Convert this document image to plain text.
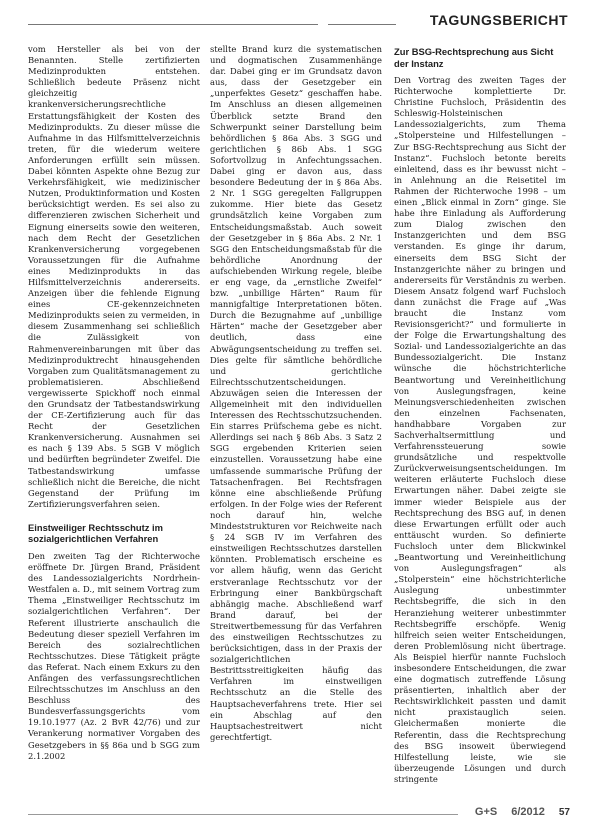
TAGUNGSBERICHT

vom Hersteller als bei von der Benannten. Stelle zertifizierten Medizinprodukten entstehen. Schließlich bedeute Präsenz nicht gleichzeitig krankenversicherungsrechtliche Erstattungsfähigkeit der Kosten des Medizinprodukts. Zu dieser müsse die Aufnahme in das Hilfsmittelverzeichnis treten, für die wiederum weitere Anforderungen erfüllt sein müssen. Dabei könnten Aspekte ohne Bezug zur Verkehrsfähigkeit, wie medizinischer Nutzen, Produktinformation und Kosten berücksichtigt werden. Es sei also zu differenzieren zwischen Sicherheit und Eignung einerseits sowie den weiteren, nach dem Recht der Gesetzlichen Krankenversicherung vorgegebenen Voraussetzungen für die Aufnahme eines Medizinprodukts in das Hilfsmittelverzeichnis andererseits. Anzeigen über die fehlende Eignung eines CE-gekennzeichneten Medizinprodukts seien zu vermeiden, in diesem Zusammenhang sei schließlich die Zulässigkeit von Rahmenvereinbarungen mit über das Medizinproduktrecht hinausgehenden Vorgaben zum Qualitätsmanagement zu problematisieren. Abschließend vergewisserte Spickhoff noch einmal den Grundsatz der Tatbestandswirkung der CE-Zertifizierung auch für das Recht der Gesetzlichen Krankenversicherung. Ausnahmen sei es nach § 139 Abs. 5 SGB V möglich und bedürften begründeter Zweifel. Die Tatbestandswirkung umfasse schließlich nicht die Bereiche, die nicht Gegenstand der Prüfung im Zertifizierungsverfahren seien.

Einstweiliger Rechtsschutz im sozialgerichtlichen Verfahren

Den zweiten Tag der Richterwoche eröffnete Dr. Jürgen Brand, Präsident des Landessozialgerichts Nordrhein-Westfalen a. D., mit seinem Vortrag zum Thema „Einstweiliger Rechtsschutz im sozialgerichtlichen Verfahren“. Der Referent illustrierte anschaulich die Bedeutung dieser speziell Verfahren im Bereich des sozialrechtlichen Rechtsschutzes. Diese Tätigkeit prägte das Referat. Nach einem Exkurs zu den Anfängen des verfassungsrechtlichen Eilrechtsschutzes im Anschluss an den Beschluss des Bundesverfassungsgerichts vom 19.10.1977 (Az. 2 BvR 42/76) und zur Verankerung normativer Vorgaben des Gesetzgebers in §§ 86a und b SGG zum 2.1.2002

stellte Brand kurz die systematischen und dogmatischen Zusammenhänge dar. Dabei ging er im Grundsatz davon aus, dass der Gesetzgeber ein „unperfektes Gesetz“ geschaffen habe. Im Anschluss an diesen allgemeinen Überblick setzte Brand den Schwerpunkt seiner Darstellung beim behördlichen § 86a Abs. 3 SGG und gerichtlichen § 86b Abs. 1 SGG Sofortvollzug in Anfechtungssachen. Dabei ging er davon aus, dass besondere Bedeutung der in § 86a Abs. 2 Nr. 1 SGG geregelten Fallgruppen zukomme. Hier biete das Gesetz grundsätzlich keine Vorgaben zum Entscheidungsmaßstab. Auch soweit der Gesetzgeber in § 86a Abs. 2 Nr. 1 SGG den Entscheidungsmaßstab für die behördliche Anordnung der aufschiebenden Wirkung regele, bleibe er eng vage, da „ernstliche Zweifel“ bzw. „unbillige Härten“ Raum für mannigfaltige Interpretationen böten. Durch die Bezugnahme auf „unbillige Härten“ mache der Gesetzgeber aber deutlich, dass eine Abwägungsentscheidung zu treffen sei. Dies gelte für sämtliche behördliche und gerichtliche Eilrechtsschutzentscheidungen. Abzuwägen seien die Interessen der Allgemeinheit mit den individuellen Interessen des Rechtsschutzsuchenden. Ein starres Prüfschema gebe es nicht. Allerdings sei nach § 86b Abs. 3 Satz 2 SGG ergebenden Kriterien seien einzustellen. Voraussetzung habe eine umfassende summarische Prüfung der Tatsachenfragen. Bei Rechtsfragen könne eine abschließende Prüfung erfolgen. In der Folge wies der Referent noch darauf hin, welche Mindeststrukturen vor Reichweite nach § 24 SGB IV im Verfahren des einstweiligen Rechtsschutzes darstellen könnten. Problematisch erscheine es vor allem häufig, wenn das Gericht erstveranlage Rechtsschutz vor der Erbringung einer Bankbürgschaft abhängig mache. Abschließend warf Brand darauf, bei der Streitwertbemessung für das Verfahren des einstweiligen Rechtsschutzes zu berücksichtigen, dass in der Praxis der sozialgerichtlichen Bestrittsstreitigkeiten häufig das Verfahren im einstweiligen Rechtsschutz an die Stelle des Hauptsacheverfahrens trete. Hier sei ein Abschlag auf den Hauptsachestreitwert nicht gerechtfertigt.

Zur BSG-Rechtsprechung aus Sicht der Instanz

Den Vortrag des zweiten Tages der Richterwoche komplettierte Dr. Christine Fuchsloch, Präsidentin des Schleswig-Holsteinischen Landessozialgerichts, zum Thema „Stolpersteine und Hilfestellungen – Zur BSG-Rechtsprechung aus Sicht der Instanz“. Fuchsloch betonte bereits einleitend, dass es ihr bewusst nicht – in Anlehnung an die Reisetitel im Rahmen der Richterwoche 1998 – um einen „Blick einmal in Zorn“ ginge. Sie habe ihre Einladung als Aufforderung zum Dialog zwischen den Instanzgerichten und dem BSG verstanden. Es ginge ihr darum, einerseits dem BSG Sicht der Instanzgerichte näher zu bringen und andererseits für Verständnis zu werben. Diesem Ansatz folgend warf Fuchsloch dann zunächst die Frage auf „Was braucht die Instanz vom Revisionsgericht?“ und formulierte in der Folge die Erwartungshaltung des Sozial- und Landessozialgerichte an das Bundessozialgericht. Die Instanz wünsche die höchstrichterliche Beantwortung und Vereinheitlichung von Auslegungsfragen, keine Meinungsverschiedenheiten zwischen den einzelnen Fachsenaten, handhabbare Vorgaben zur Sachverhaltsermittlung und Verfahrenssteuerung sowie grundsätzliche und respektvolle Zurückverweisungsentscheidungen. Im weiteren erläuterte Fuchsloch diese Erwartungen näher. Dabei zeigte sie immer wieder Beispiele aus der Rechtsprechung des BSG auf, in denen diese Erwartungen erfüllt oder auch enttäuscht wurden. So definierte Fuchsloch unter dem Blickwinkel „Beantwortung und Vereinheitlichung von Auslegungsfragen“ als „Stolperstein“ eine höchstrichterliche Auslegung unbestimmter Rechtsbegriffe, die sich in den Heranziehung weiterer unbestimmter Rechtsbegriffe erschöpfe. Wenig hilfreich seien weiter Entscheidungen, deren Problemlösung nicht übertrage. Als Beispiel hierfür nannte Fuchsloch insbesondere Entscheidungen, die zwar eine dogmatisch zutreffende Lösung präsentierten, inhaltlich aber der Rechtswirklichkeit passten und damit nicht praxistauglich seien. Gleichermaßen monierte die Referentin, dass die Rechtsprechung des BSG insoweit überwiegend Hilfestellung leiste, wie sie überzeugende Lösungen und durch stringente

G+S 6/2012 57
